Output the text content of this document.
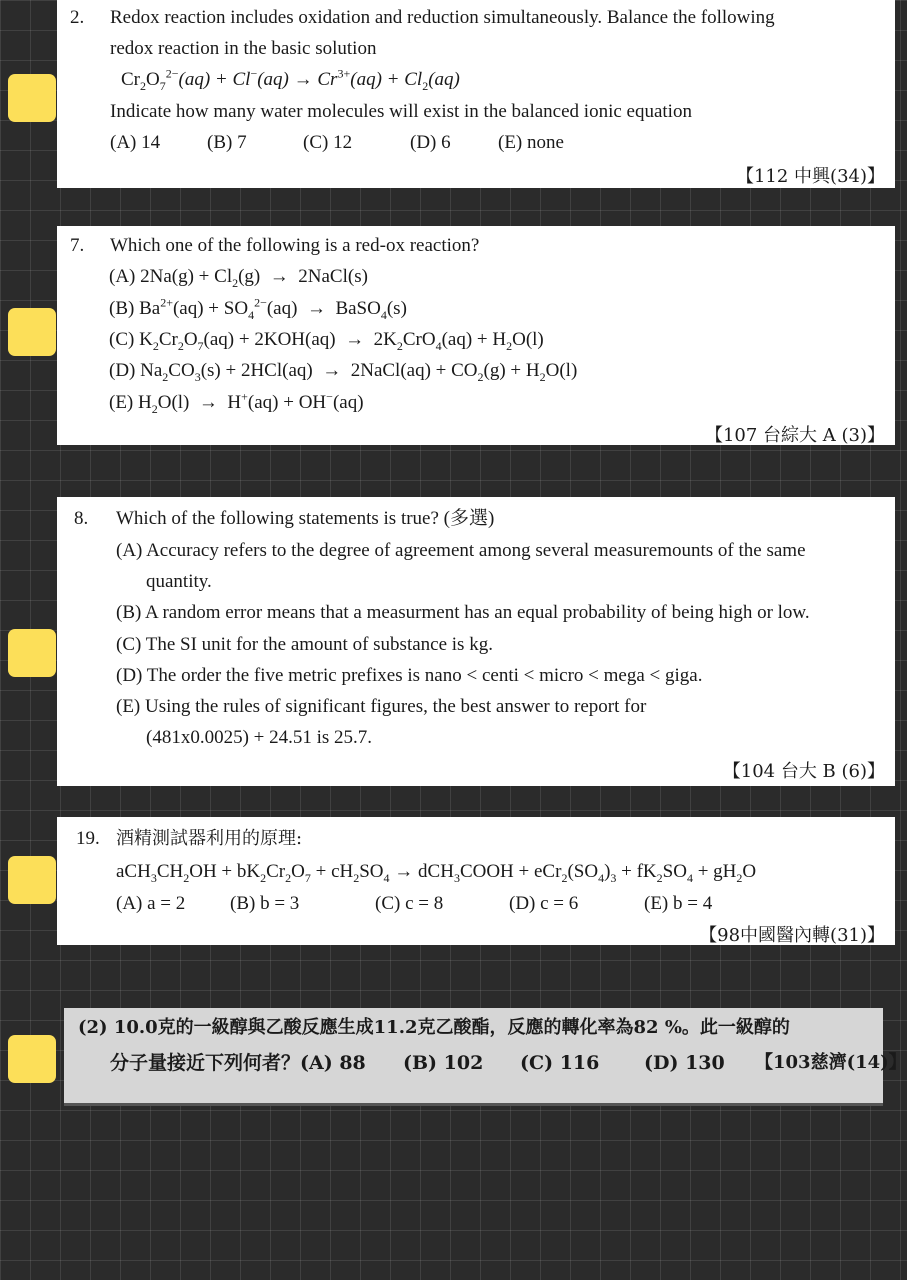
2. Redox reaction includes oxidation and reduction simultaneously. Balance the following
redox reaction in the basic solution
$Cr_2O_7^{2-}(aq) + Cl^-(aq) \to Cr^{3+}(aq) + Cl_2(aq)$
Indicate how many water molecules will exist in the balanced ionic equation
(A) 14 (B) 7	(C) 12	(D) 6 (E) none
【112 中興(34)】
7. Which one of the following is a red-ox reaction?
(A) $2Na(g) + Cl_2(g)$ → 2NaCl(s)
(B) $Ba^{2+}(aq) + SO_4^{2-}(aq)$ → BaSO$_4$(s)
(C) $K_2Cr_2O_7(aq) + 2KOH(aq) \to 2K_2CrO_4(aq) + H_2O(l)$
(D) $Na_2CO_3(s) + 2HCl(aq)$ → 2NaCl(aq) + $CO_2(g) + H_2O(l)$
(E) $H_2O(l) \to H^+(aq) + OH^-(aq)$
【107 台綜大 A (3)】
8. Which of the following statements is true? (多選)
(A) Accuracy refers to the degree of agreement among several measuremounts of the same
quantity.
(B) A random error means that a measurment has an equal probability of being high or low.
(C) The SI unit for the amount of substance is kg.
(D) The order the five metric prefixes is nano < centi < micro < mega < giga.
(E) Using the rules of significant figures, the best answer to report for
(481x0.0025) + 24.51 is 25.7.
【104 台大 B (6)】
19. 酒精測試器利用的原理:
$aCH_3CH_2OH + bK_2Cr_2O_7 + cH_2SO_4$ → dCH$_3$COOH + $eCr_2(SO_4)_3 + fK_2SO_4 + gH_2O$
(A) a = 2 (B) b = 3	(C) c = 8	(D) c = 6	(E) b = 4
【98中國醫內轉(31)】
(2) 10.0克的一級醇與乙酸反應生成11.2克乙酸酯，反應的轉化率為82 %。此一級醇的
分子量接近下列何者？(A) 88 (B) 102 (C) 116 (D) 130 【103慈濟(14)】
